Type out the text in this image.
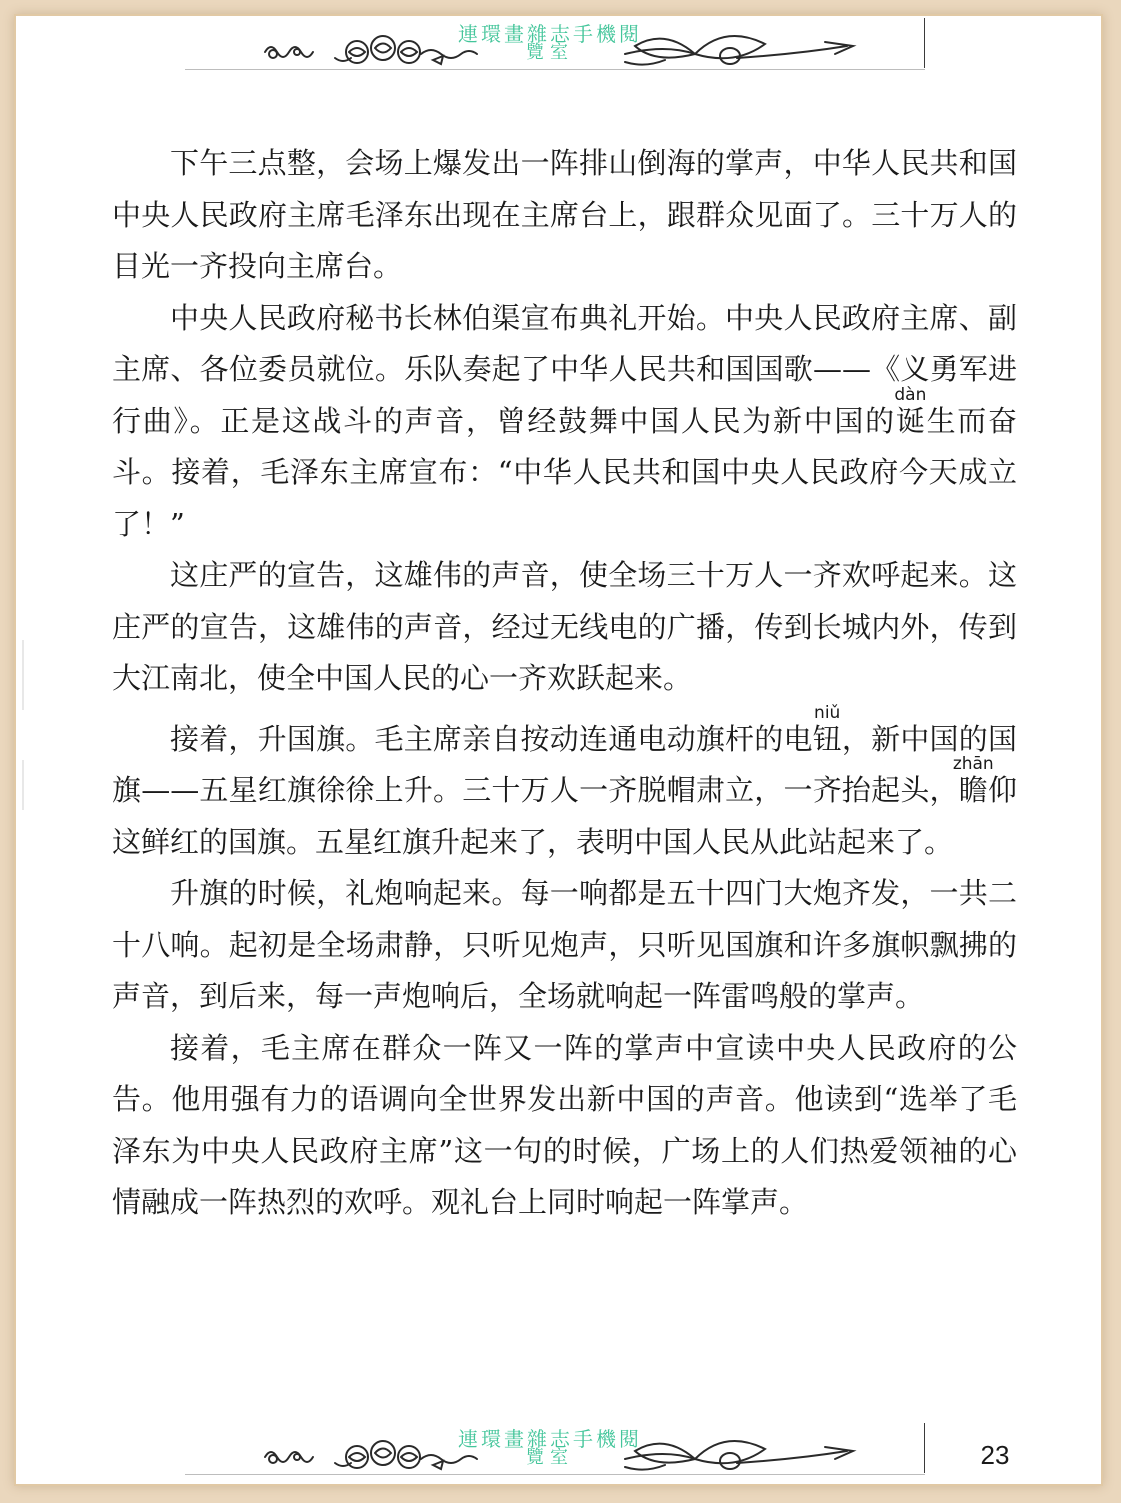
連環畫雜志手機閱
覽室

下午三点整，会场上爆发出一阵排山倒海的掌声，中华人民共和国中央人民政府主席毛泽东出现在主席台上，跟群众见面了。三十万人的目光一齐投向主席台。

中央人民政府秘书长林伯渠宣布典礼开始。中央人民政府主席、副主席、各位委员就位。乐队奏起了中华人民共和国国歌——《义勇军进行曲》。正是这战斗的声音，曾经鼓舞中国人民为新中国的诞dàn生而奋斗。接着，毛泽东主席宣布：“中华人民共和国中央人民政府今天成立了！”

这庄严的宣告，这雄伟的声音，使全场三十万人一齐欢呼起来。这庄严的宣告，这雄伟的声音，经过无线电的广播，传到长城内外，传到大江南北，使全中国人民的心一齐欢跃起来。

接着，升国旗。毛主席亲自按动连通电动旗杆的电钮niǔ，新中国的国旗——五星红旗徐徐上升。三十万人一齐脱帽肃立，一齐抬起头，瞻zhān仰这鲜红的国旗。五星红旗升起来了，表明中国人民从此站起来了。

升旗的时候，礼炮响起来。每一响都是五十四门大炮齐发，一共二十八响。起初是全场肃静，只听见炮声，只听见国旗和许多旗帜飘拂的声音，到后来，每一声炮响后，全场就响起一阵雷鸣般的掌声。

接着，毛主席在群众一阵又一阵的掌声中宣读中央人民政府的公告。他用强有力的语调向全世界发出新中国的声音。他读到“选举了毛泽东为中央人民政府主席”这一句的时候，广场上的人们热爱领袖的心情融成一阵热烈的欢呼。观礼台上同时响起一阵掌声。

連環畫雜志手機閱
覽室	23
